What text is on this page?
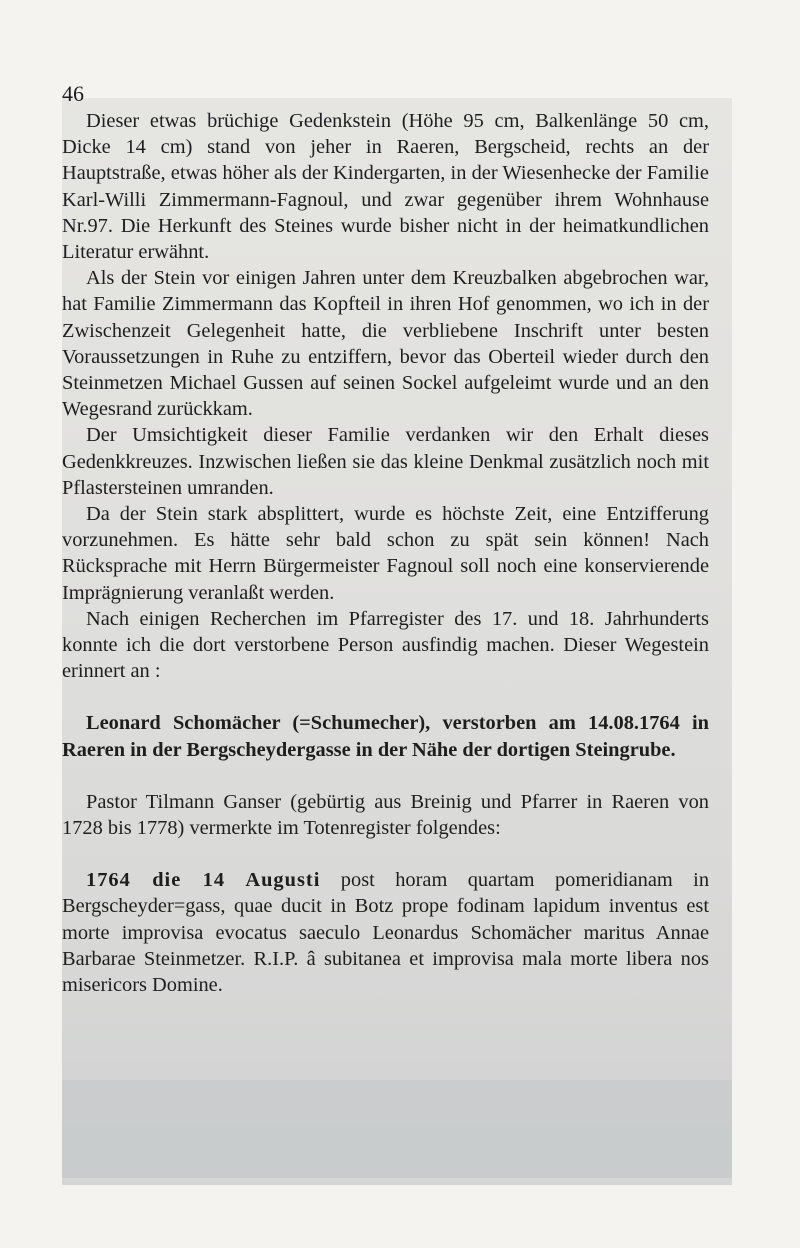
46

Dieser etwas brüchige Gedenkstein (Höhe 95 cm, Balkenlänge 50 cm, Dicke 14 cm) stand von jeher in Raeren, Bergscheid, rechts an der Hauptstraße, etwas höher als der Kindergarten, in der Wiesenhecke der Familie Karl-Willi Zimmermann-Fagnoul, und zwar gegenüber ihrem Wohnhause Nr.97. Die Herkunft des Steines wurde bisher nicht in der heimatkundlichen Literatur erwähnt.

Als der Stein vor einigen Jahren unter dem Kreuzbalken abgebrochen war, hat Familie Zimmermann das Kopfteil in ihren Hof genommen, wo ich in der Zwischenzeit Gelegenheit hatte, die verbliebene Inschrift unter besten Voraussetzungen in Ruhe zu entziffern, bevor das Oberteil wieder durch den Steinmetzen Michael Gussen auf seinen Sockel aufgeleimt wurde und an den Wegesrand zurückkam.

Der Umsichtigkeit dieser Familie verdanken wir den Erhalt dieses Gedenkkreuzes. Inzwischen ließen sie das kleine Denkmal zusätzlich noch mit Pflastersteinen umranden.

Da der Stein stark absplittert, wurde es höchste Zeit, eine Entzifferung vorzunehmen. Es hätte sehr bald schon zu spät sein können! Nach Rücksprache mit Herrn Bürgermeister Fagnoul soll noch eine konservierende Imprägnierung veranlaßt werden.

Nach einigen Recherchen im Pfarregister des 17. und 18. Jahrhunderts konnte ich die dort verstorbene Person ausfindig machen. Dieser Wegestein erinnert an :

Leonard Schomächer (=Schumecher), verstorben am 14.08.1764 in Raeren in der Bergscheydergasse in der Nähe der dortigen Steingrube.

Pastor Tilmann Ganser (gebürtig aus Breinig und Pfarrer in Raeren von 1728 bis 1778) vermerkte im Totenregister folgendes:

1764 die 14 Augusti post horam quartam pomeridianam in Bergscheyder=gass, quae ducit in Botz prope fodinam lapidum inventus est morte improvisa evocatus saeculo Leonardus Schomächer maritus Annae Barbarae Steinmetzer. R.I.P. â subitanea et improvisa mala morte libera nos misericors Domine.
